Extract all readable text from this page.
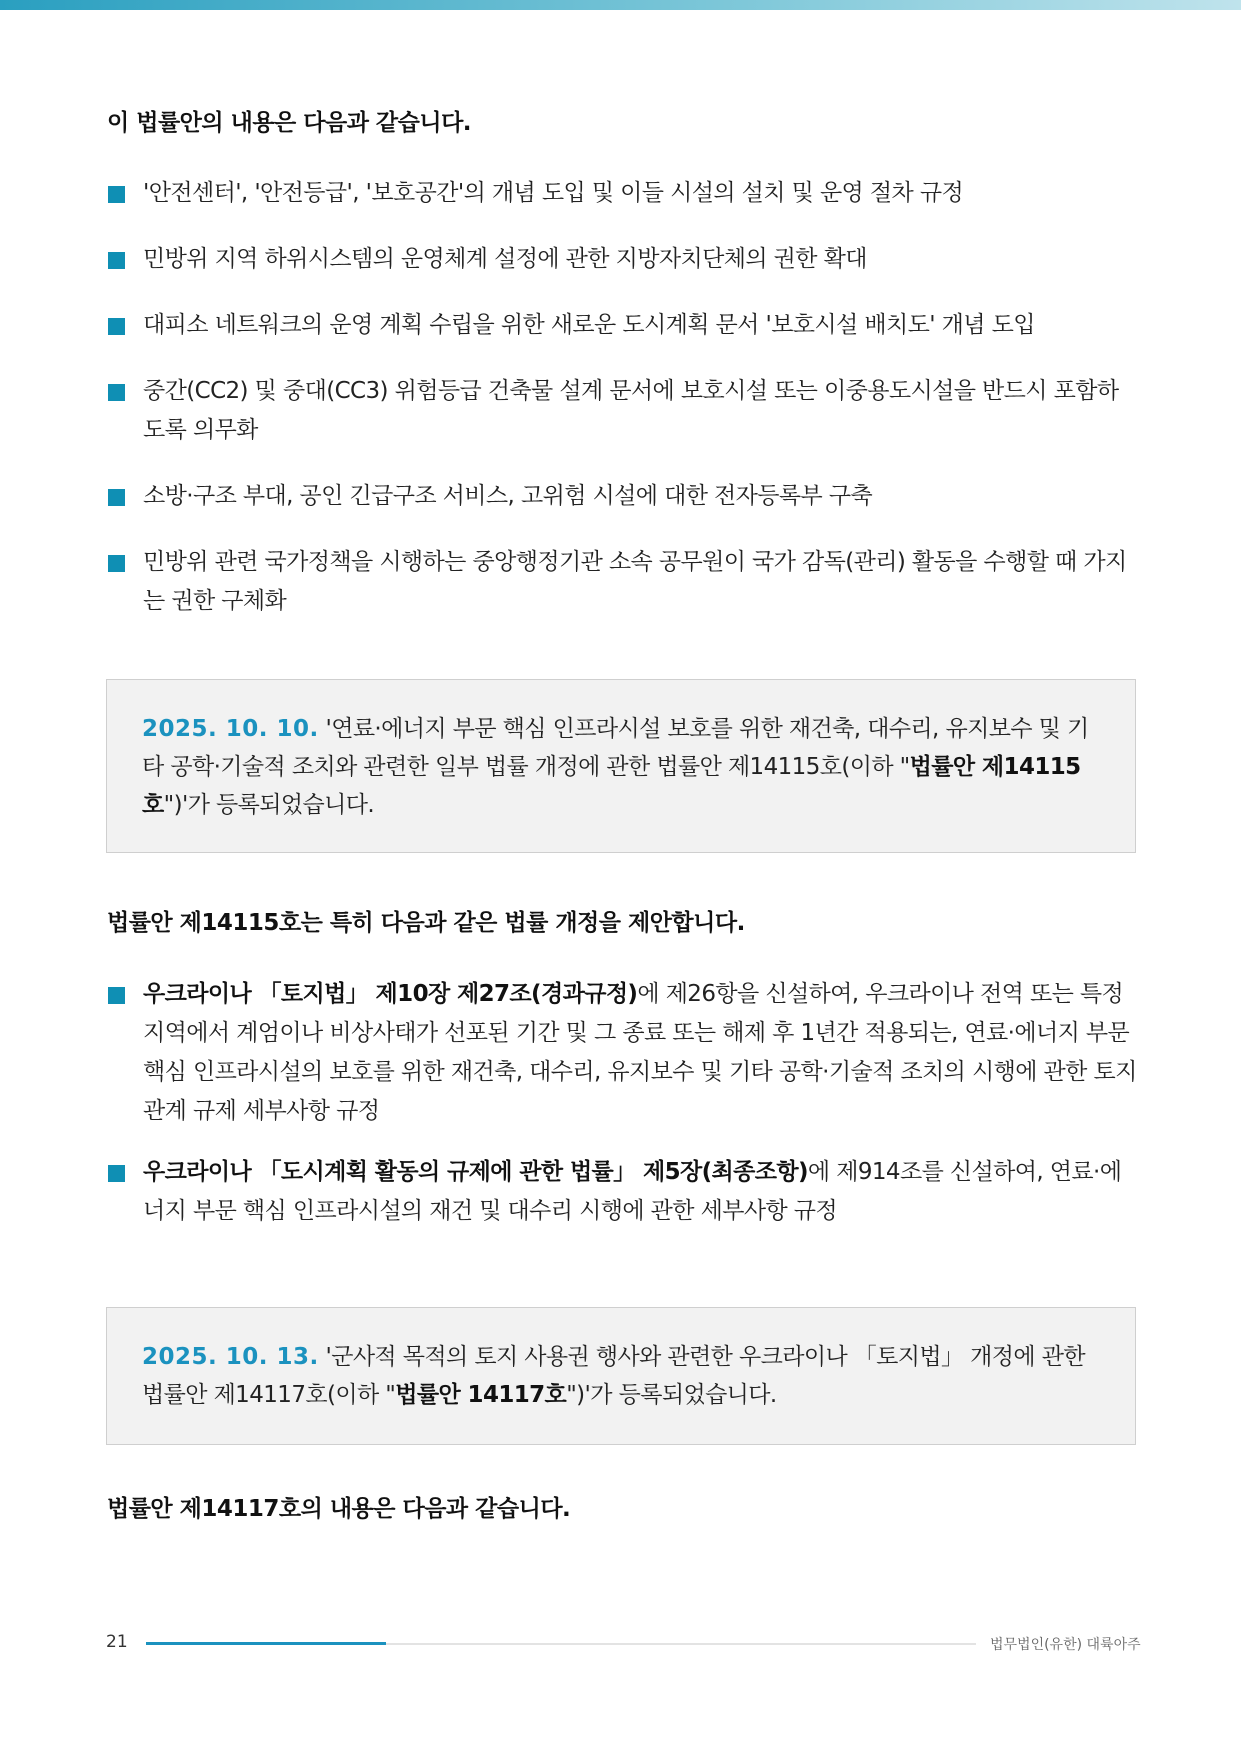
이 법률안의 내용은 다음과 같습니다.
'안전센터', '안전등급', '보호공간'의 개념 도입 및 이들 시설의 설치 및 운영 절차 규정
민방위 지역 하위시스템의 운영체계 설정에 관한 지방자치단체의 권한 확대
대피소 네트워크의 운영 계획 수립을 위한 새로운 도시계획 문서 '보호시설 배치도' 개념 도입
중간(CC2) 및 중대(CC3) 위험등급 건축물 설계 문서에 보호시설 또는 이중용도시설을 반드시 포함하도록 의무화
소방·구조 부대, 공인 긴급구조 서비스, 고위험 시설에 대한 전자등록부 구축
민방위 관련 국가정책을 시행하는 중앙행정기관 소속 공무원이 국가 감독(관리) 활동을 수행할 때 가지는 권한 구체화
2025. 10. 10. '연료·에너지 부문 핵심 인프라시설 보호를 위한 재건축, 대수리, 유지보수 및 기타 공학·기술적 조치와 관련한 일부 법률 개정에 관한 법률안 제14115호(이하 "법률안 제14115호")'가 등록되었습니다.
법률안 제14115호는 특히 다음과 같은 법률 개정을 제안합니다.
우크라이나 「토지법」 제10장 제27조(경과규정)에 제26항을 신설하여, 우크라이나 전역 또는 특정 지역에서 계엄이나 비상사태가 선포된 기간 및 그 종료 또는 해제 후 1년간 적용되는, 연료·에너지 부문 핵심 인프라시설의 보호를 위한 재건축, 대수리, 유지보수 및 기타 공학·기술적 조치의 시행에 관한 토지관계 규제 세부사항 규정
우크라이나 「도시계획 활동의 규제에 관한 법률」 제5장(최종조항)에 제914조를 신설하여, 연료·에너지 부문 핵심 인프라시설의 재건 및 대수리 시행에 관한 세부사항 규정
2025. 10. 13. '군사적 목적의 토지 사용권 행사와 관련한 우크라이나 「토지법」 개정에 관한 법률안 제14117호(이하 "법률안 14117호")'가 등록되었습니다.
법률안 제14117호의 내용은 다음과 같습니다.
21	법무법인(유한) 대륙아주
